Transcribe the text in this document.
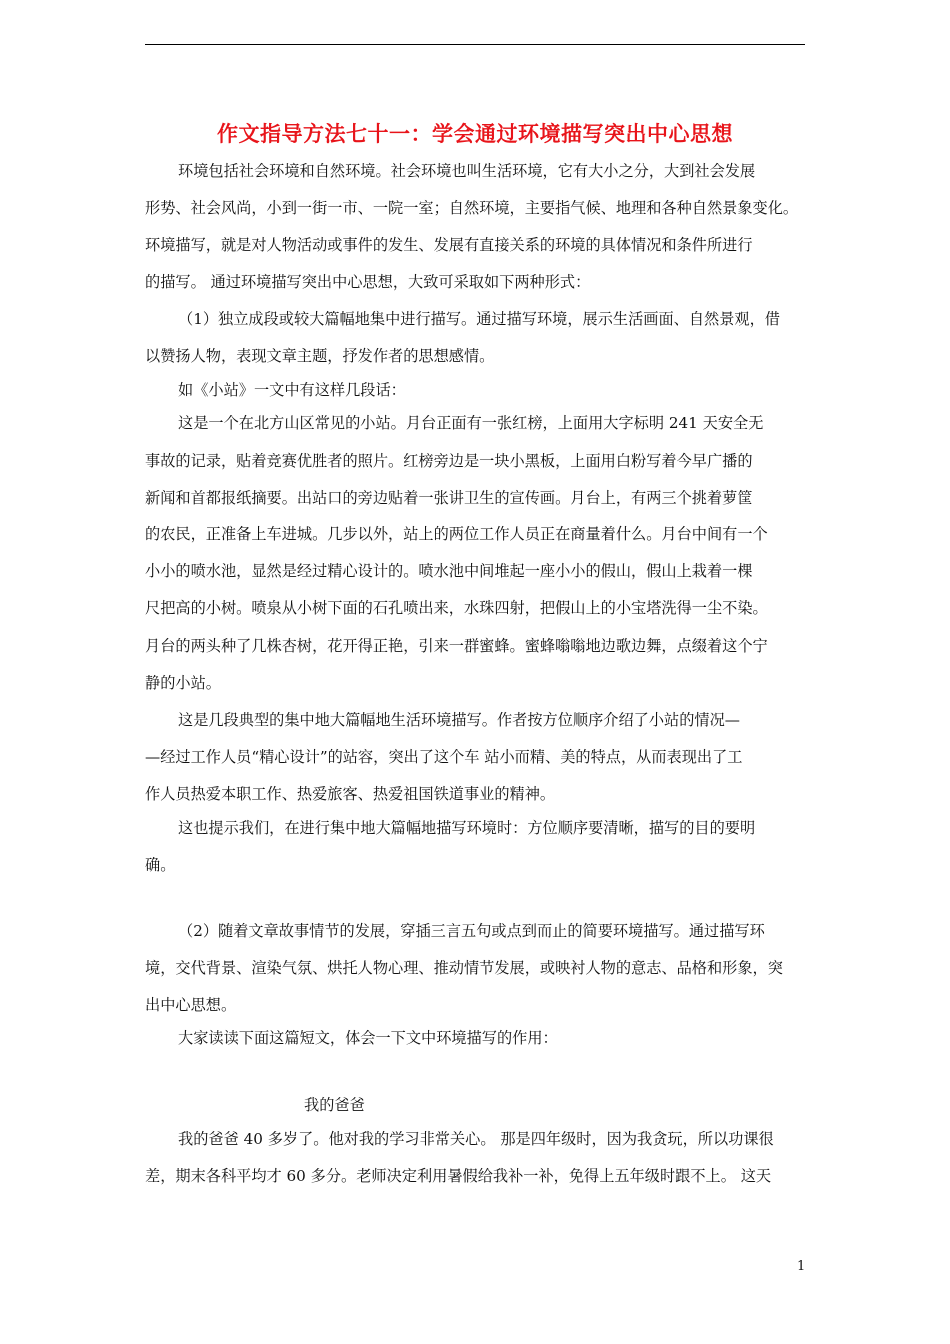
作文指导方法七十一：学会通过环境描写突出中心思想
环境包括社会环境和自然环境。社会环境也叫生活环境，它有大小之分，大到社会发展
形势、社会风尚，小到一街一市、一院一室；自然环境，主要指气候、地理和各种自然景象变化。
环境描写，就是对人物活动或事件的发生、发展有直接关系的环境的具体情况和条件所进行
的描写。 通过环境描写突出中心思想，大致可采取如下两种形式：
（1）独立成段或较大篇幅地集中进行描写。通过描写环境，展示生活画面、自然景观，借
以赞扬人物，表现文章主题，抒发作者的思想感情。
如《小站》一文中有这样几段话：
这是一个在北方山区常见的小站。月台正面有一张红榜，上面用大字标明 241 天安全无
事故的记录，贴着竞赛优胜者的照片。红榜旁边是一块小黑板，上面用白粉写着今早广播的
新闻和首都报纸摘要。出站口的旁边贴着一张讲卫生的宣传画。月台上，有两三个挑着萝筐
的农民，正准备上车进城。几步以外，站上的两位工作人员正在商量着什么。月台中间有一个
小小的喷水池，显然是经过精心设计的。喷水池中间堆起一座小小的假山，假山上栽着一棵
尺把高的小树。喷泉从小树下面的石孔喷出来，水珠四射，把假山上的小宝塔洗得一尘不染。
月台的两头种了几株杏树，花开得正艳，引来一群蜜蜂。蜜蜂嗡嗡地边歌边舞，点缀着这个宁
静的小站。
这是几段典型的集中地大篇幅地生活环境描写。作者按方位顺序介绍了小站的情况—
—经过工作人员“精心设计”的站容，突出了这个车 站小而精、美的特点，从而表现出了工
作人员热爱本职工作、热爱旅客、热爱祖国铁道事业的精神。
这也提示我们，在进行集中地大篇幅地描写环境时：方位顺序要清晰，描写的目的要明
确。
（2）随着文章故事情节的发展，穿插三言五句或点到而止的简要环境描写。通过描写环
境，交代背景、渲染气氛、烘托人物心理、推动情节发展，或映衬人物的意志、品格和形象，突
出中心思想。
大家读读下面这篇短文，体会一下文中环境描写的作用：
我的爸爸
我的爸爸 40 多岁了。他对我的学习非常关心。 那是四年级时，因为我贪玩，所以功课很
差，期末各科平均才 60 多分。老师决定利用暑假给我补一补，免得上五年级时跟不上。 这天
1
